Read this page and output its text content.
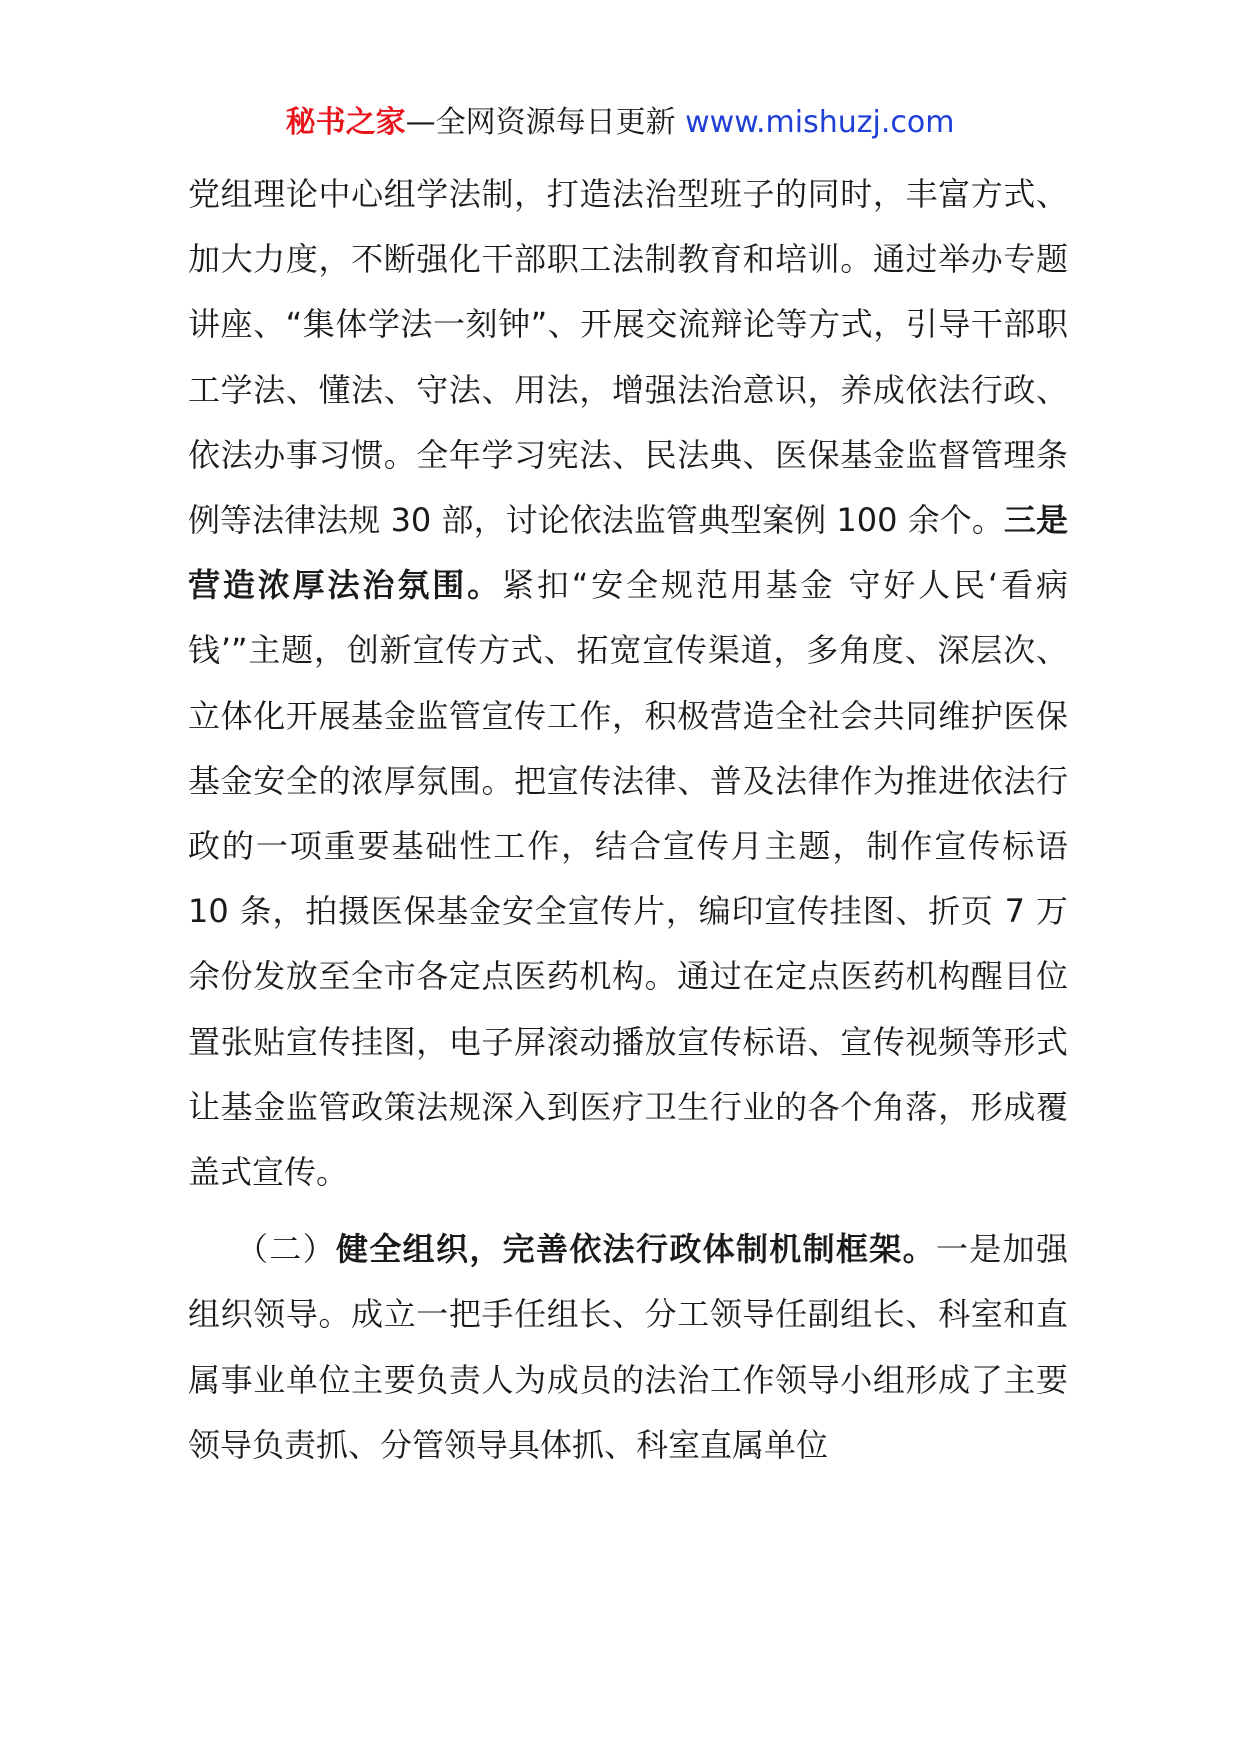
秘书之家—全网资源每日更新 www.mishuzj.com

党组理论中心组学法制，打造法治型班子的同时，丰富方式、加大力度，不断强化干部职工法制教育和培训。通过举办专题讲座、“集体学法一刻钟”、开展交流辩论等方式，引导干部职工学法、懂法、守法、用法，增强法治意识，养成依法行政、依法办事习惯。全年学习宪法、民法典、医保基金监督管理条例等法律法规 30 部，讨论依法监管典型案例 100 余个。三是营造浓厚法治氛围。紧扣“安全规范用基金 守好人民‘看病钱’”主题，创新宣传方式、拓宽宣传渠道，多角度、深层次、立体化开展基金监管宣传工作，积极营造全社会共同维护医保基金安全的浓厚氛围。把宣传法律、普及法律作为推进依法行政的一项重要基础性工作，结合宣传月主题，制作宣传标语 10 条，拍摄医保基金安全宣传片，编印宣传挂图、折页 7 万余份发放至全市各定点医药机构。通过在定点医药机构醒目位置张贴宣传挂图，电子屏滚动播放宣传标语、宣传视频等形式让基金监管政策法规深入到医疗卫生行业的各个角落，形成覆盖式宣传。

（二）健全组织，完善依法行政体制机制框架。一是加强组织领导。成立一把手任组长、分工领导任副组长、科室和直属事业单位主要负责人为成员的法治工作领导小组形成了主要领导负责抓、分管领导具体抓、科室直属单位
